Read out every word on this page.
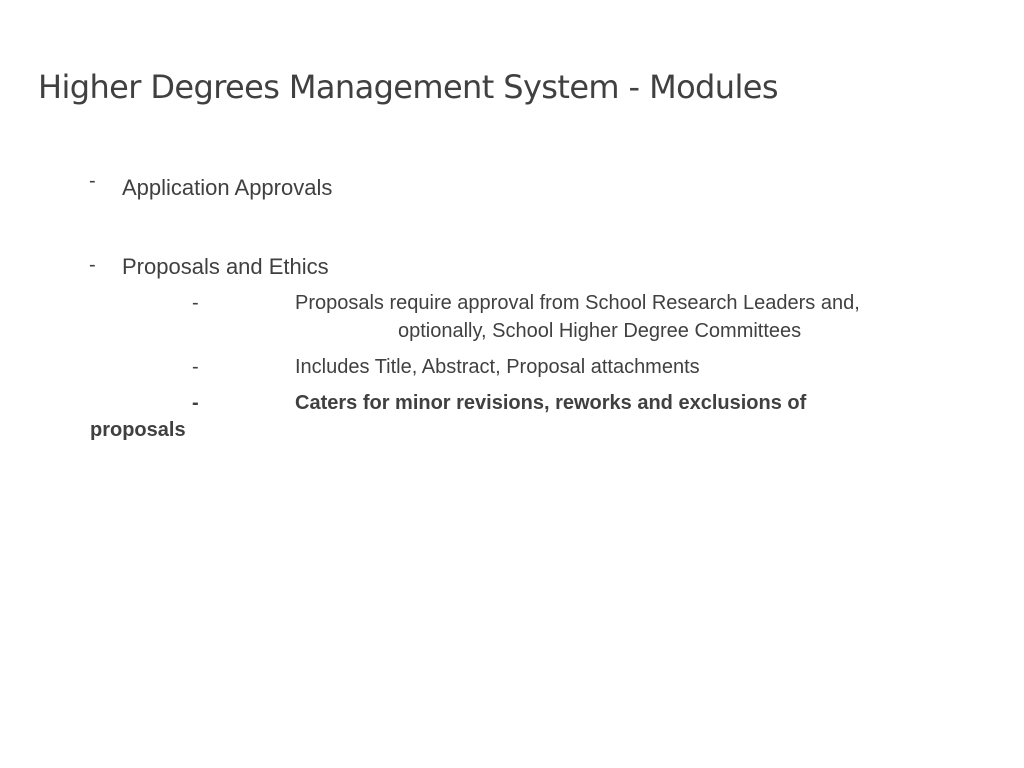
Higher Degrees Management System - Modules
- Application Approvals
- Proposals and Ethics
-	Proposals require approval from School Research Leaders and,
optionally, School Higher Degree Committees
-	Includes Title, Abstract, Proposal attachments
-	Caters for minor revisions, reworks and exclusions of
proposals
